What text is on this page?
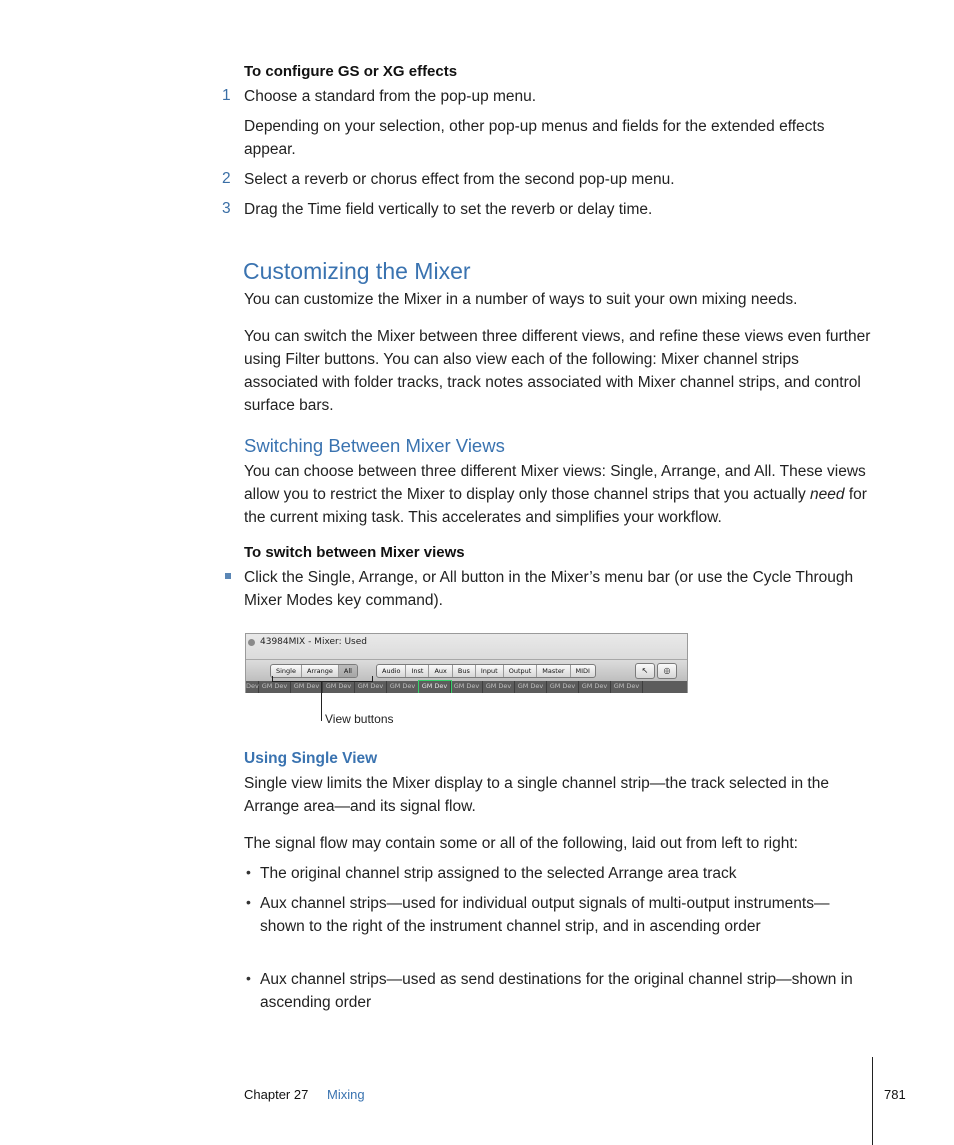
To configure GS or XG effects
1 Choose a standard from the pop-up menu.
Depending on your selection, other pop-up menus and fields for the extended effects appear.
2 Select a reverb or chorus effect from the second pop-up menu.
3 Drag the Time field vertically to set the reverb or delay time.
Customizing the Mixer
You can customize the Mixer in a number of ways to suit your own mixing needs.
You can switch the Mixer between three different views, and refine these views even further using Filter buttons. You can also view each of the following: Mixer channel strips associated with folder tracks, track notes associated with Mixer channel strips, and control surface bars.
Switching Between Mixer Views
You can choose between three different Mixer views: Single, Arrange, and All. These views allow you to restrict the Mixer to display only those channel strips that you actually need for the current mixing task. This accelerates and simplifies your workflow.
To switch between Mixer views
Click the Single, Arrange, or All button in the Mixer’s menu bar (or use the Cycle Through Mixer Modes key command).
43984MIX - Mixer: Used
Single	Arrange	All	Audio	Inst	Aux	Bus	Input	Output	Master	MIDI	↖	◎
Dev GM Dev GM Dev GM Dev GM Dev GM Dev GM Dev GM Dev GM Dev GM Dev GM Dev GM Dev GM Dev
View buttons
Using Single View
Single view limits the Mixer display to a single channel strip—the track selected in the Arrange area—and its signal flow.
The signal flow may contain some or all of the following, laid out from left to right:
• The original channel strip assigned to the selected Arrange area track
• Aux channel strips—used for individual output signals of multi-output instruments—shown to the right of the instrument channel strip, and in ascending order
• Aux channel strips—used as send destinations for the original channel strip—shown in ascending order
Chapter 27 Mixing	781
